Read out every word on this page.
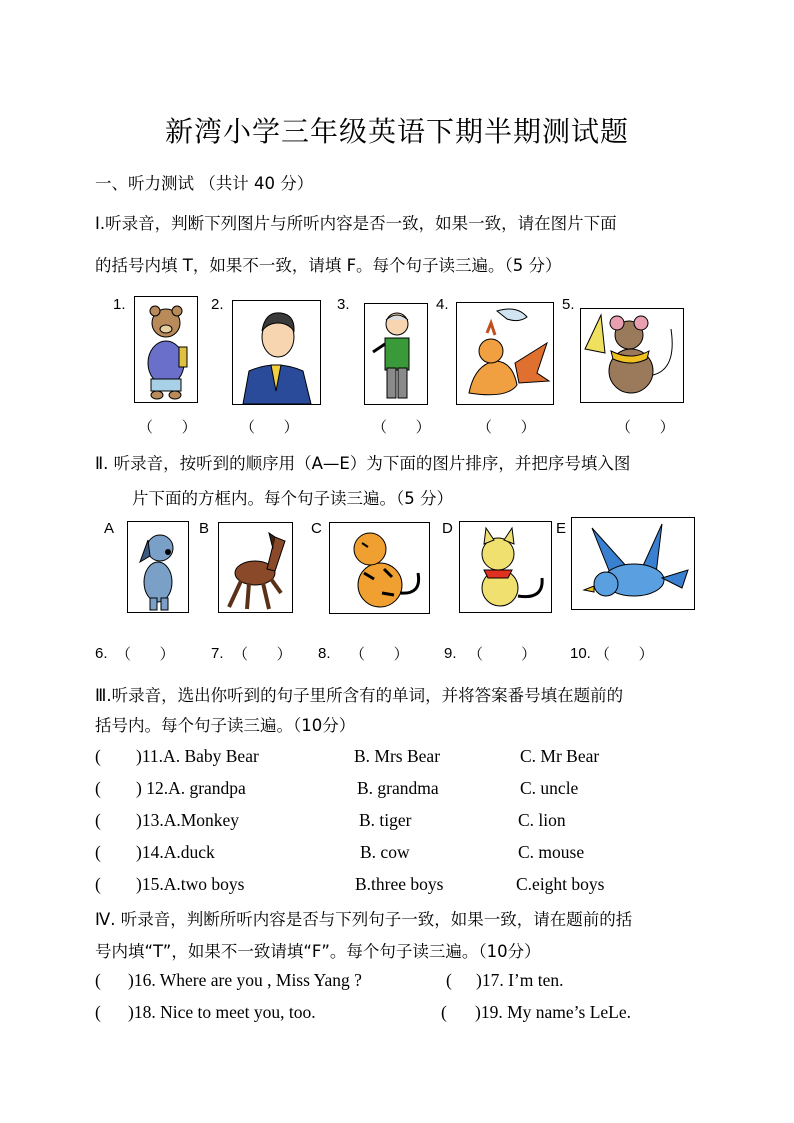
新湾小学三年级英语下期半期测试题
一、听力测试 （共计 40 分）
Ⅰ.听录音，判断下列图片与所听内容是否一致，如果一致，请在图片下面
的括号内填 T，如果不一致，请填 F。每个句子读三遍。（5 分）
1.	2.	3.	4.	5.
（      ）	（      ）	（      ）	（      ）	（      ）
Ⅱ. 听录音，按听到的顺序用（A—E）为下面的图片排序，并把序号填入图
片下面的方框内。每个句子读三遍。（5 分）
A	B	C	D	E
6. （      ） 7. （      ） 8. （      ） 9. （        ） 10. （      ）
Ⅲ.听录音，选出你听到的句子里所含有的单词，并将答案番号填在题前的
括号内。每个句子读三遍。（10分）
( )11.A. Baby Bear	B. Mrs Bear	C. Mr Bear
( ) 12.A. grandpa	B. grandma	C. uncle
( )13.A.Monkey	B. tiger	C. lion
( )14.A.duck	B. cow	C. mouse
( )15.A.two boys	B.three boys	C.eight boys
Ⅳ. 听录音，判断所听内容是否与下列句子一致，如果一致，请在题前的括
号内填“T”，如果不一致请填“F”。每个句子读三遍。（10分）
( )16. Where are you , Miss Yang ?	( )17. I’m ten.
( )18. Nice to meet you, too.	( )19. My name’s LeLe.
